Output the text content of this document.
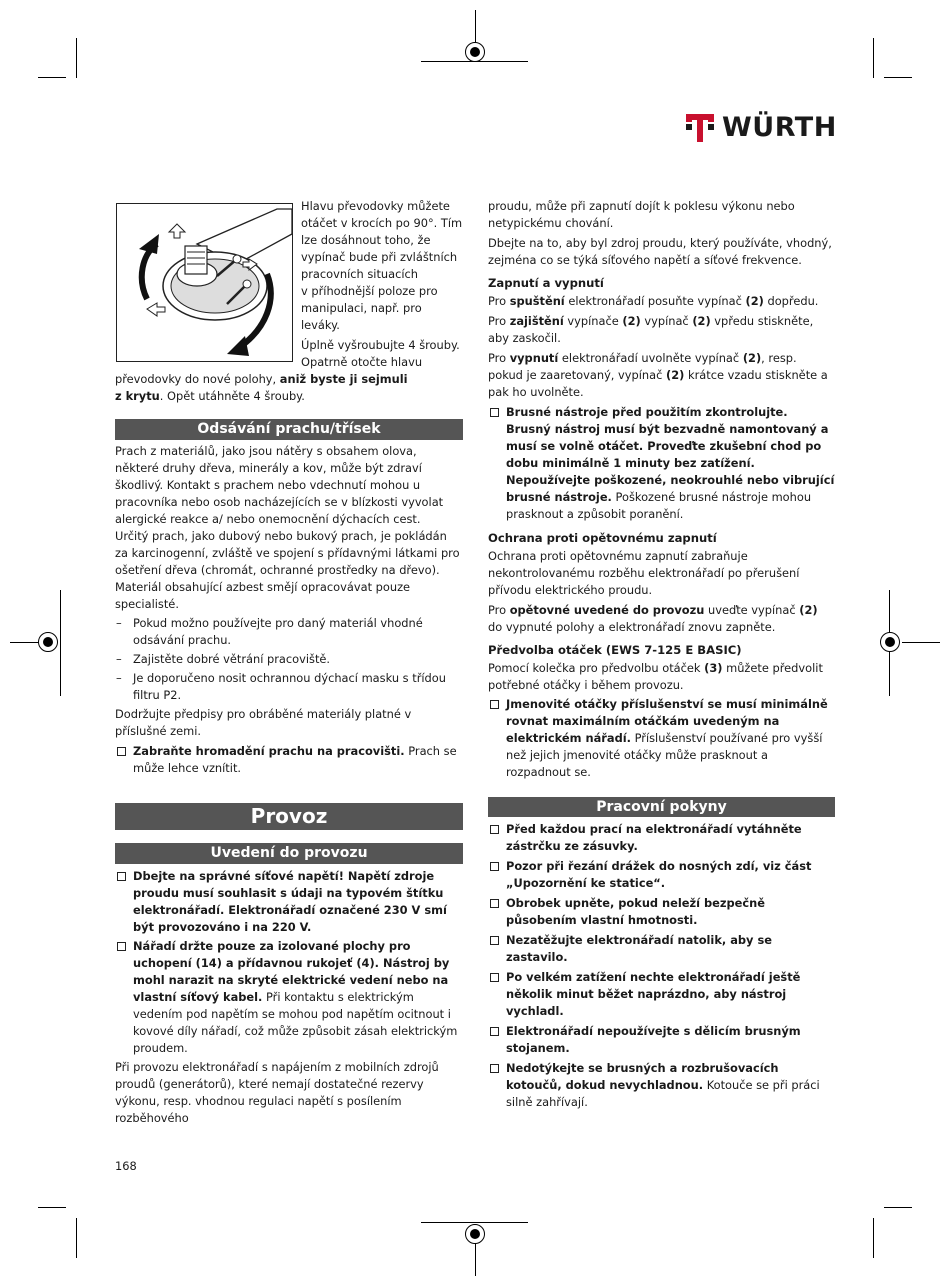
WÜRTH

Hlavu převodovky můžete

otáčet v krocích po 90°. Tím

lze dosáhnout toho, že

vypínač bude při zvláštních

pracovních situacích

v příhodnější poloze pro

manipulaci, např. pro

leváky.

Úplně vyšroubujte 4 šrouby.

Opatrně otočte hlavu

převodovky do nové polohy, aniž byste ji sejmuli
z krytu. Opět utáhněte 4 šrouby.

Odsávání prachu/třísek

Prach z materiálů, jako jsou nátěry s obsahem olova, některé druhy dřeva, minerály a kov, může být zdraví škodlivý. Kontakt s prachem nebo vdechnutí mohou u pracovníka nebo osob nacházejících se v blízkosti vyvolat alergické reakce a/ nebo onemocnění dýchacích cest.

Určitý prach, jako dubový nebo bukový prach, je pokládán za karcinogenní, zvláště ve spojení s přídavnými látkami pro ošetření dřeva (chromát, ochranné prostředky na dřevo). Materiál obsahující azbest smějí opracovávat pouze specialisté.

– Pokud možno používejte pro daný materiál vhodné odsávání prachu.

– Zajistěte dobré větrání pracoviště.

– Je doporučeno nosit ochrannou dýchací masku s třídou filtru P2.

Dodržujte předpisy pro obráběné materiály platné v příslušné zemi.

Zabraňte hromadění prachu na pracovišti. Prach se může lehce vznítit.

Provoz
Uvedení do provozu

Dbejte na správné síťové napětí! Napětí zdroje proudu musí souhlasit s údaji na typovém štítku elektronářadí. Elektronářadí označené 230 V smí být provozováno i na 220 V.

Nářadí držte pouze za izolované plochy pro uchopení (14) a přídavnou rukojeť (4). Nástroj by mohl narazit na skryté elektrické vedení nebo na vlastní síťový kabel. Při kontaktu s elektrickým vedením pod napětím se mohou pod napětím ocitnout i kovové díly nářadí, což může způsobit zásah elektrickým proudem.

Při provozu elektronářadí s napájením z mobilních zdrojů proudů (generátorů), které nemají dostatečné rezervy výkonu, resp. vhodnou regulaci napětí s posílením rozběhového

proudu, může při zapnutí dojít k poklesu výkonu nebo netypickému chování.

Dbejte na to, aby byl zdroj proudu, který používáte, vhodný, zejména co se týká síťového napětí a síťové frekvence.

Zapnutí a vypnutí

Pro spuštění elektronářadí posuňte vypínač (2) dopředu.

Pro zajištění vypínače (2) vypínač (2) vpředu stiskněte, aby zaskočil.

Pro vypnutí elektronářadí uvolněte vypínač (2), resp. pokud je zaaretovaný, vypínač (2) krátce vzadu stiskněte a pak ho uvolněte.

Brusné nástroje před použitím zkontrolujte. Brusný nástroj musí být bezvadně namontovaný a musí se volně otáčet. Proveďte zkušební chod po dobu minimálně 1 minuty bez zatížení. Nepoužívejte poškozené, neokrouhlé nebo vibrující brusné nástroje. Poškozené brusné nástroje mohou prasknout a způsobit poranění.

Ochrana proti opětovnému zapnutí

Ochrana proti opětovnému zapnutí zabraňuje nekontrolovanému rozběhu elektronářadí po přerušení přívodu elektrického proudu.

Pro opětovné uvedené do provozu uveďte vypínač (2) do vypnuté polohy a elektronářadí znovu zapněte.

Předvolba otáček (EWS 7-125 E BASIC)

Pomocí kolečka pro předvolbu otáček (3) můžete předvolit potřebné otáčky i během provozu.

Jmenovité otáčky příslušenství se musí minimálně rovnat maximálním otáčkám uvedeným na elektrickém nářadí. Příslušenství používané pro vyšší než jejich jmenovité otáčky může prasknout a rozpadnout se.

Pracovní pokyny

Před každou prací na elektronářadí vytáhněte zástrčku ze zásuvky.

Pozor při řezání drážek do nosných zdí, viz část „Upozornění ke statice“.

Obrobek upněte, pokud neleží bezpečně působením vlastní hmotnosti.

Nezatěžujte elektronářadí natolik, aby se zastavilo.

Po velkém zatížení nechte elektronářadí ještě několik minut běžet naprázdno, aby nástroj vychladl.

Elektronářadí nepoužívejte s dělicím brusným stojanem.

Nedotýkejte se brusných a rozbrušovacích kotoučů, dokud nevychladnou. Kotouče se při práci silně zahřívají.

168
